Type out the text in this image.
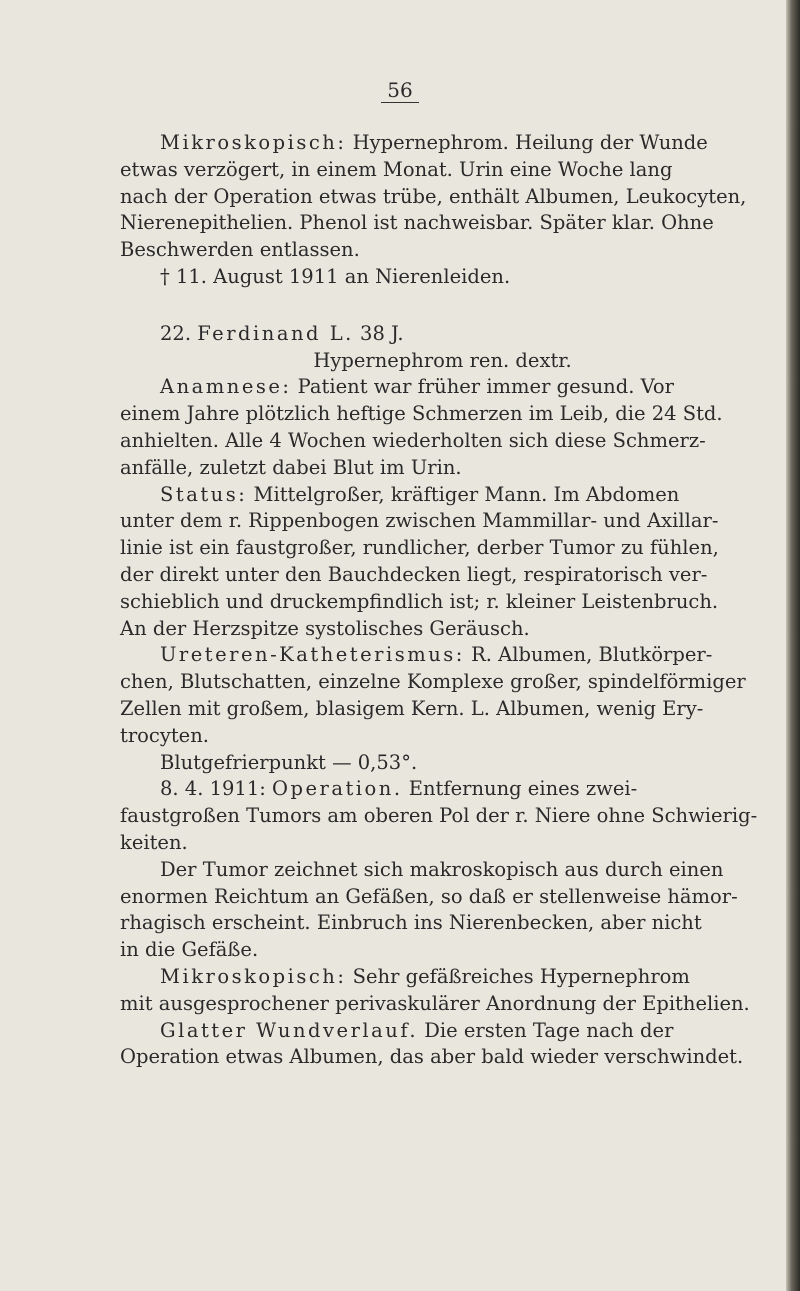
56
Mikroskopisch: Hypernephrom. Heilung der Wunde
etwas verzögert, in einem Monat. Urin eine Woche lang
nach der Operation etwas trübe, enthält Albumen, Leukocyten,
Nierenepithelien. Phenol ist nachweisbar. Später klar. Ohne
Beschwerden entlassen.
† 11. August 1911 an Nierenleiden.
22. Ferdinand L. 38 J.
Hypernephrom ren. dextr.
Anamnese: Patient war früher immer gesund. Vor
einem Jahre plötzlich heftige Schmerzen im Leib, die 24 Std.
anhielten. Alle 4 Wochen wiederholten sich diese Schmerz-
anfälle, zuletzt dabei Blut im Urin.
Status: Mittelgroßer, kräftiger Mann. Im Abdomen
unter dem r. Rippenbogen zwischen Mammillar- und Axillar-
linie ist ein faustgroßer, rundlicher, derber Tumor zu fühlen,
der direkt unter den Bauchdecken liegt, respiratorisch ver-
schieblich und druckempfindlich ist; r. kleiner Leistenbruch.
An der Herzspitze systolisches Geräusch.
Ureteren-Katheterismus: R. Albumen, Blutkörper-
chen, Blutschatten, einzelne Komplexe großer, spindelförmiger
Zellen mit großem, blasigem Kern. L. Albumen, wenig Ery-
trocyten.
Blutgefrierpunkt — 0,53°.
8. 4. 1911: Operation. Entfernung eines zwei-
faustgroßen Tumors am oberen Pol der r. Niere ohne Schwierig-
keiten.
Der Tumor zeichnet sich makroskopisch aus durch einen
enormen Reichtum an Gefäßen, so daß er stellenweise hämor-
rhagisch erscheint. Einbruch ins Nierenbecken, aber nicht
in die Gefäße.
Mikroskopisch: Sehr gefäßreiches Hypernephrom
mit ausgesprochener perivaskulärer Anordnung der Epithelien.
Glatter Wundverlauf. Die ersten Tage nach der
Operation etwas Albumen, das aber bald wieder verschwindet.
